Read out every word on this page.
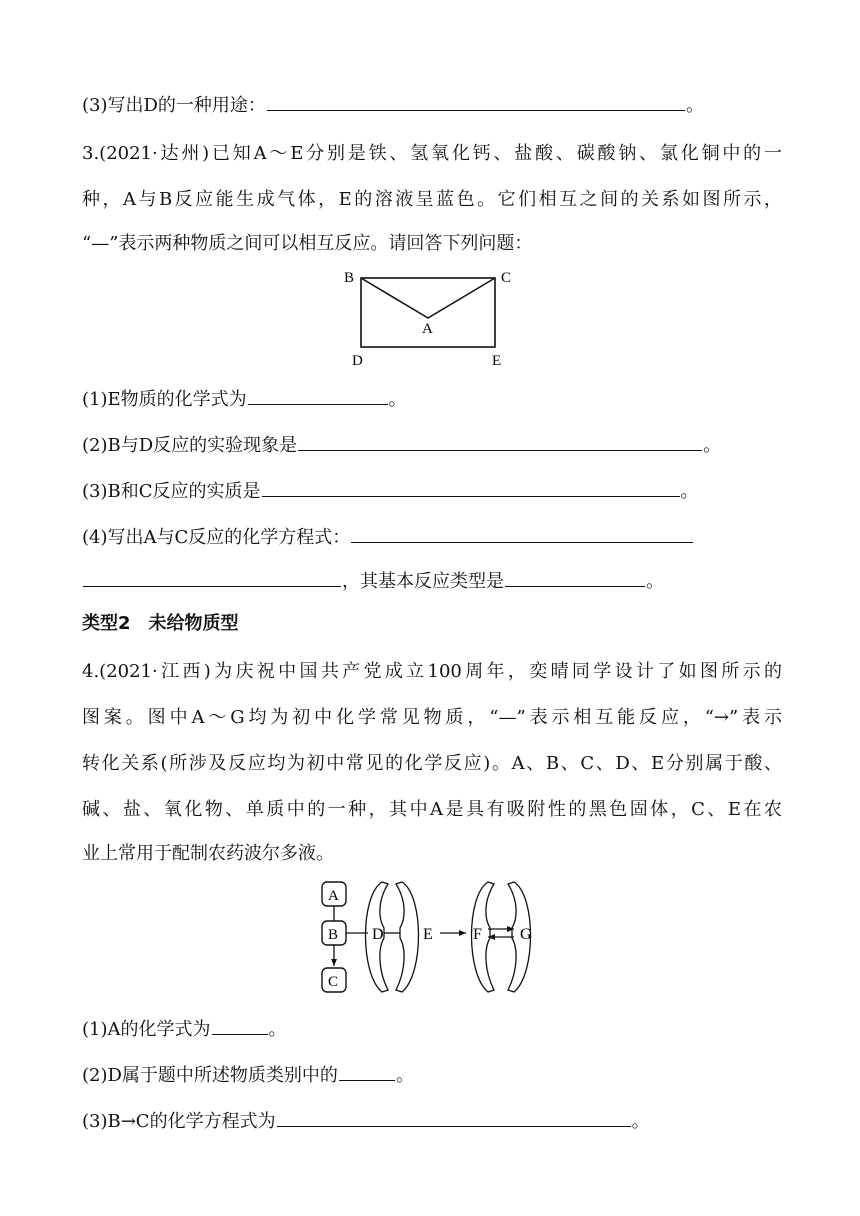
(3)写出D的一种用途：	。
3.(2021·达州)已知A～E分别是铁、氢氧化钙、盐酸、碳酸钠、氯化铜中的一
种，A与B反应能生成气体，E的溶液呈蓝色。它们相互之间的关系如图所示，
“—”表示两种物质之间可以相互反应。请回答下列问题：
B	C
A
D	E
(1)E物质的化学式为	。
(2)B与D反应的实验现象是	。
(3)B和C反应的实质是	。
(4)写出A与C反应的化学方程式：
，其基本反应类型是	。
类型2　未给物质型
4.(2021·江西)为庆祝中国共产党成立100周年，奕晴同学设计了如图所示的
图案。图中A～G均为初中化学常见物质，“—”表示相互能反应，“→”表示
转化关系(所涉及反应均为初中常见的化学反应)。A、B、C、D、E分别属于酸、
碱、盐、氧化物、单质中的一种，其中A是具有吸附性的黑色固体，C、E在农
业上常用于配制农药波尔多液。
D E	F G
A
B
C
(1)A的化学式为	。
(2)D属于题中所述物质类别中的	。
(3)B→C的化学方程式为	。
